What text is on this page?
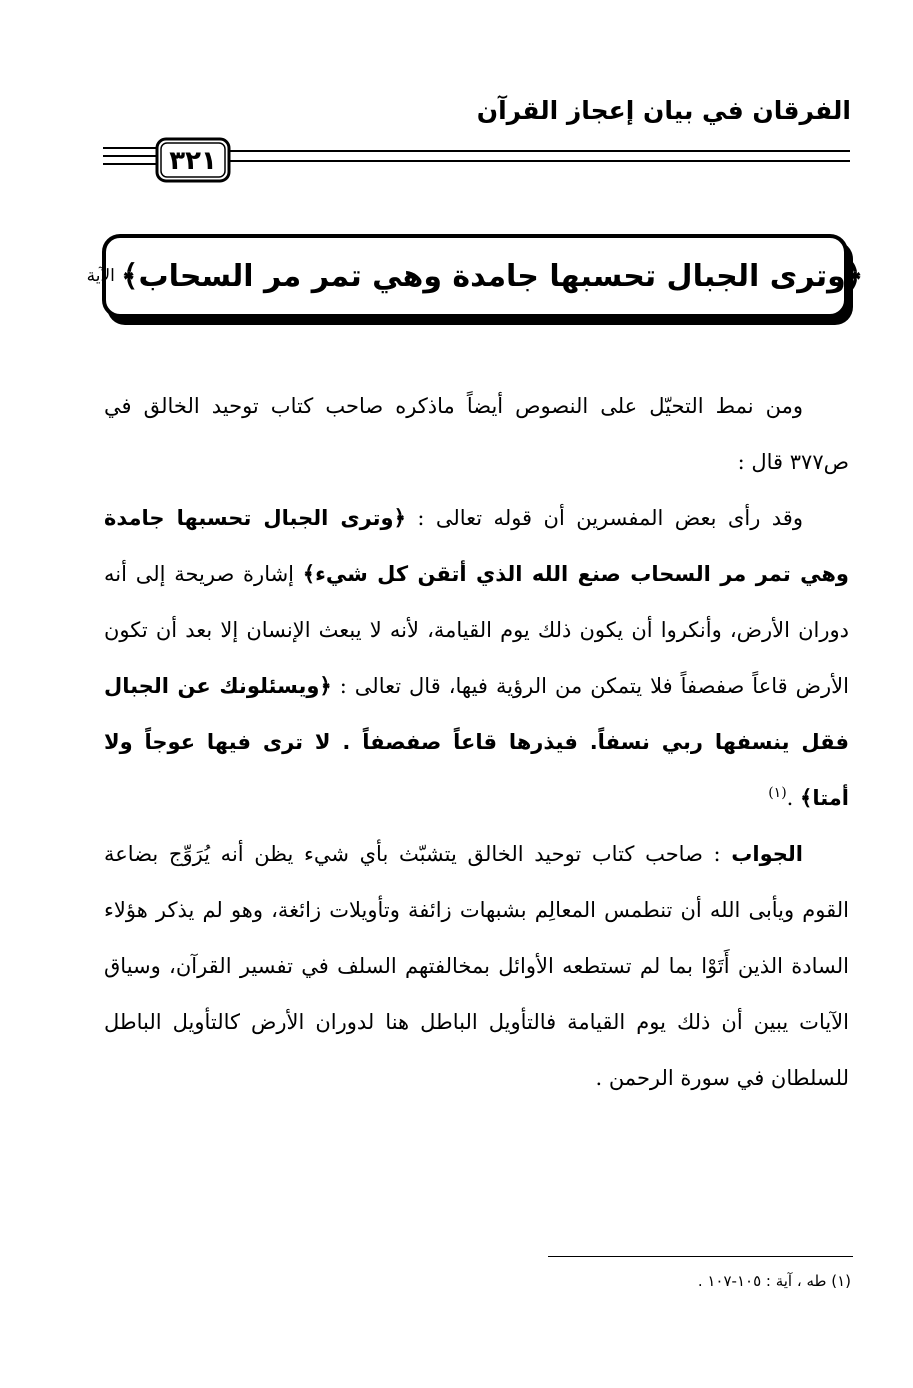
الفرقان في بيان إعجاز القرآن
٣٢١
﴿وترى الجبال تحسبها جامدة وهي تمر مر السحاب﴾
الآية

ومن نمط التحيّل على النصوص أيضاً ماذكره صاحب كتاب توحيد الخالق في ص٣٧٧ قال :

وقد رأى بعض المفسرين أن قوله تعالى : ﴿وترى الجبال تحسبها جامدة وهي تمر مر السحاب صنع الله الذي أتقن كل شيء﴾ إشارة صريحة إلى أنه دوران الأرض، وأنكروا أن يكون ذلك يوم القيامة، لأنه لا يبعث الإنسان إلا بعد أن تكون الأرض قاعاً صفصفاً فلا يتمكن من الرؤية فيها، قال تعالى : ﴿ويسئلونك عن الجبال فقل ينسفها ربي نسفاً. فيذرها قاعاً صفصفاً . لا ترى فيها عوجاً ولا أمتا﴾ .$^{(١)}$

الجواب : صاحب كتاب توحيد الخالق يتشبّث بأي شيء يظن أنه يُرَوِّج بضاعة القوم ويأبى الله أن تنطمس المعالِم بشبهات زائفة وتأويلات زائغة، وهو لم يذكر هؤلاء السادة الذين أَتَوْا بما لم تستطعه الأوائل بمخالفتهم السلف في تفسير القرآن، وسياق الآيات يبين أن ذلك يوم القيامة فالتأويل الباطل هنا لدوران الأرض كالتأويل الباطل للسلطان في سورة الرحمن .

(١) طه ، آية : ١٠٥-١٠٧ .
